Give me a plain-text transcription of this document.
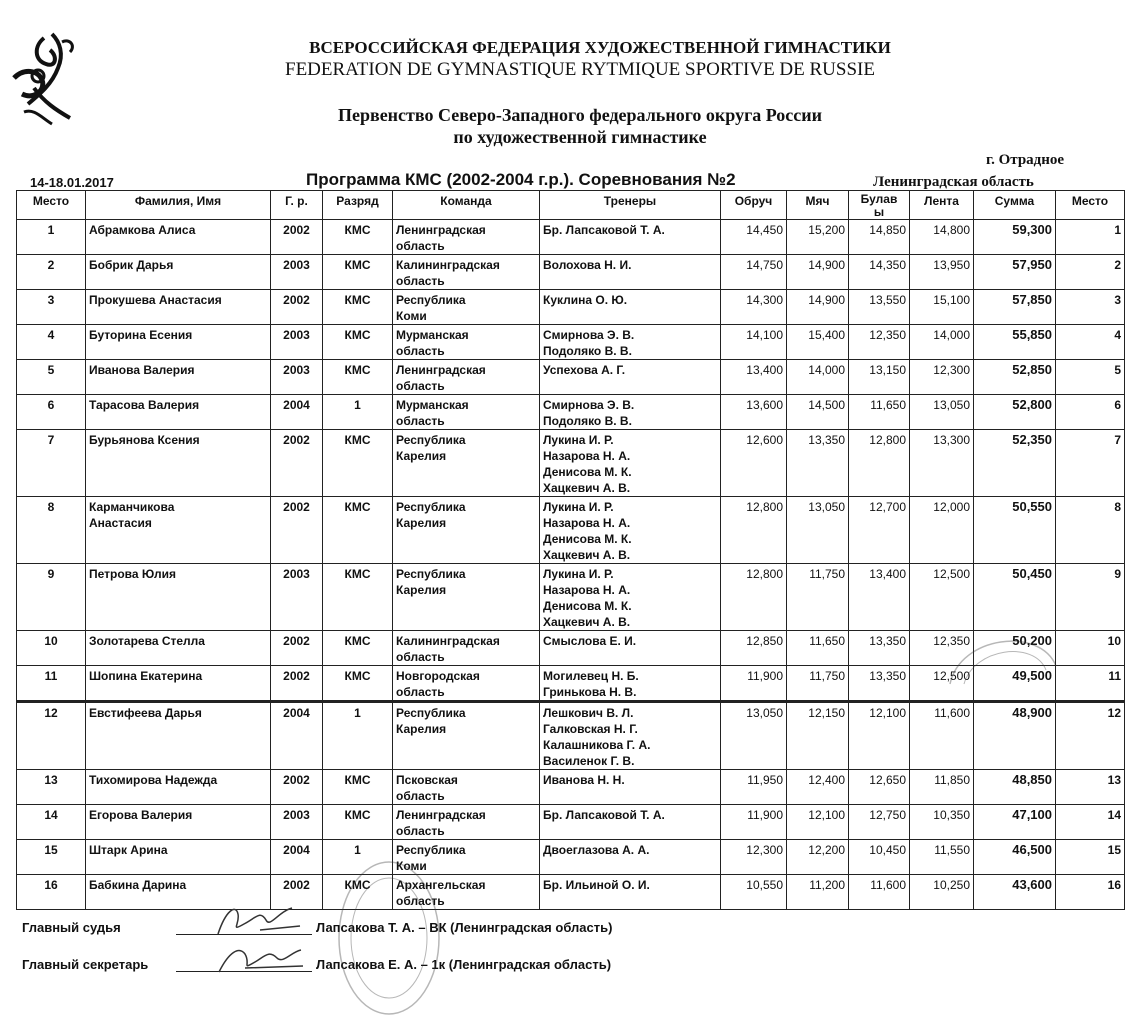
ВСЕРОССИЙСКАЯ ФЕДЕРАЦИЯ ХУДОЖЕСТВЕННОЙ ГИМНАСТИКИ
FEDERATION DE GYMNASTIQUE RYTMIQUE SPORTIVE DE RUSSIE
Первенство Северо-Западного федерального округа России
по художественной гимнастике
г. Отрадное
14-18.01.2017	Программа КМС (2002-2004 г.р.). Соревнования №2	Ленинградская область
Место	Фамилия, Имя	Г. р.	Разряд	Команда	Тренеры	Обруч	Мяч	Булав
ы	Лента	Сумма	Место
1	Абрамкова Алиса	2002	КМС	Ленинградская
область	Бр. Лапсаковой Т. А.	14,450	15,200	14,850	14,800	59,300	1
2	Бобрик Дарья	2003	КМС	Калининградская
область	Волохова Н. И.	14,750	14,900	14,350	13,950	57,950	2
3	Прокушева Анастасия	2002	КМС	Республика
Коми	Куклина О. Ю.	14,300	14,900	13,550	15,100	57,850	3
4	Буторина Есения	2003	КМС	Мурманская
область	Смирнова Э. В.
Подоляко В. В.	14,100	15,400	12,350	14,000	55,850	4
5	Иванова Валерия	2003	КМС	Ленинградская
область	Успехова А. Г.	13,400	14,000	13,150	12,300	52,850	5
6	Тарасова Валерия	2004	1	Мурманская
область	Смирнова Э. В.
Подоляко В. В.	13,600	14,500	11,650	13,050	52,800	6
7	Бурьянова Ксения	2002	КМС	Республика
Карелия	Лукина И. Р.
Назарова Н. А.
Денисова М. К.
Хацкевич А. В.	12,600	13,350	12,800	13,300	52,350	7
8	Карманчикова
Анастасия	2002	КМС	Республика
Карелия	Лукина И. Р.
Назарова Н. А.
Денисова М. К.
Хацкевич А. В.	12,800	13,050	12,700	12,000	50,550	8
9	Петрова Юлия	2003	КМС	Республика
Карелия	Лукина И. Р.
Назарова Н. А.
Денисова М. К.
Хацкевич А. В.	12,800	11,750	13,400	12,500	50,450	9
10	Золотарева Стелла	2002	КМС	Калининградская
область	Смыслова Е. И.	12,850	11,650	13,350	12,350	50,200	10
11	Шопина Екатерина	2002	КМС	Новгородская
область	Могилевец Н. Б.
Гринькова Н. В.	11,900	11,750	13,350	12,500	49,500	11
12	Евстифеева Дарья	2004	1	Республика
Карелия	Лешкович В. Л.
Галковская Н. Г.
Калашникова Г. А.
Василенок Г. В.	13,050	12,150	12,100	11,600	48,900	12
13	Тихомирова Надежда	2002	КМС	Псковская
область	Иванова Н. Н.	11,950	12,400	12,650	11,850	48,850	13
14	Егорова Валерия	2003	КМС	Ленинградская
область	Бр. Лапсаковой Т. А.	11,900	12,100	12,750	10,350	47,100	14
15	Штарк Арина	2004	1	Республика
Коми	Двоеглазова А. А.	12,300	12,200	10,450	11,550	46,500	15
16	Бабкина Дарина	2002	КМС	Архангельская
область	Бр. Ильиной О. И.	10,550	11,200	11,600	10,250	43,600	16
Главный судья	Лапсакова Т. А. – ВК (Ленинградская область)
Главный секретарь	Лапсакова Е. А. – 1к (Ленинградская область)
